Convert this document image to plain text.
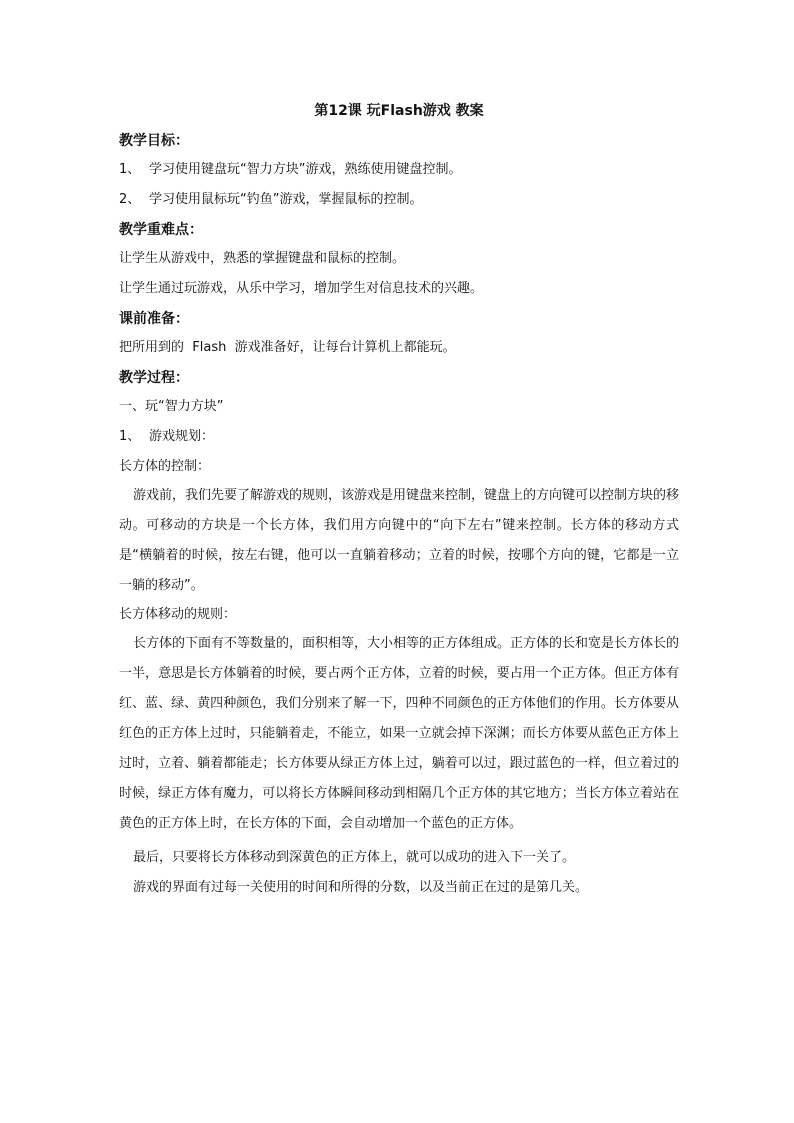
第12课 玩Flash游戏 教案
教学目标：
1、 学习使用键盘玩“智力方块”游戏，熟练使用键盘控制。
2、 学习使用鼠标玩“钓鱼”游戏，掌握鼠标的控制。
教学重难点：
让学生从游戏中，熟悉的掌握键盘和鼠标的控制。
让学生通过玩游戏，从乐中学习，增加学生对信息技术的兴趣。
课前准备：
把所用到的  Flash  游戏准备好，让每台计算机上都能玩。
教学过程：
一、玩“智力方块”
1、 游戏规划：
长方体的控制：

游戏前，我们先要了解游戏的规则，该游戏是用键盘来控制，键盘上的方向键可以控制方块的移动。可移动的方块是一个长方体，我们用方向键中的“向下左右”键来控制。长方体的移动方式是“横躺着的时候，按左右键，他可以一直躺着移动；立着的时候，按哪个方向的键，它都是一立一躺的移动”。

长方体移动的规则：

长方体的下面有不等数量的，面积相等，大小相等的正方体组成。正方体的长和宽是长方体长的一半，意思是长方体躺着的时候，要占两个正方体，立着的时候，要占用一个正方体。但正方体有红、蓝、绿、黄四种颜色，我们分别来了解一下，四种不同颜色的正方体他们的作用。长方体要从红色的正方体上过时，只能躺着走，不能立，如果一立就会掉下深渊；而长方体要从蓝色正方体上过时，立着、躺着都能走；长方体要从绿正方体上过，躺着可以过，跟过蓝色的一样，但立着过的时候，绿正方体有魔力，可以将长方体瞬间移动到相隔几个正方体的其它地方；当长方体立着站在黄色的正方体上时，在长方体的下面，会自动增加一个蓝色的正方体。

最后，只要将长方体移动到深黄色的正方体上，就可以成功的进入下一关了。

游戏的界面有过每一关使用的时间和所得的分数，以及当前正在过的是第几关。
